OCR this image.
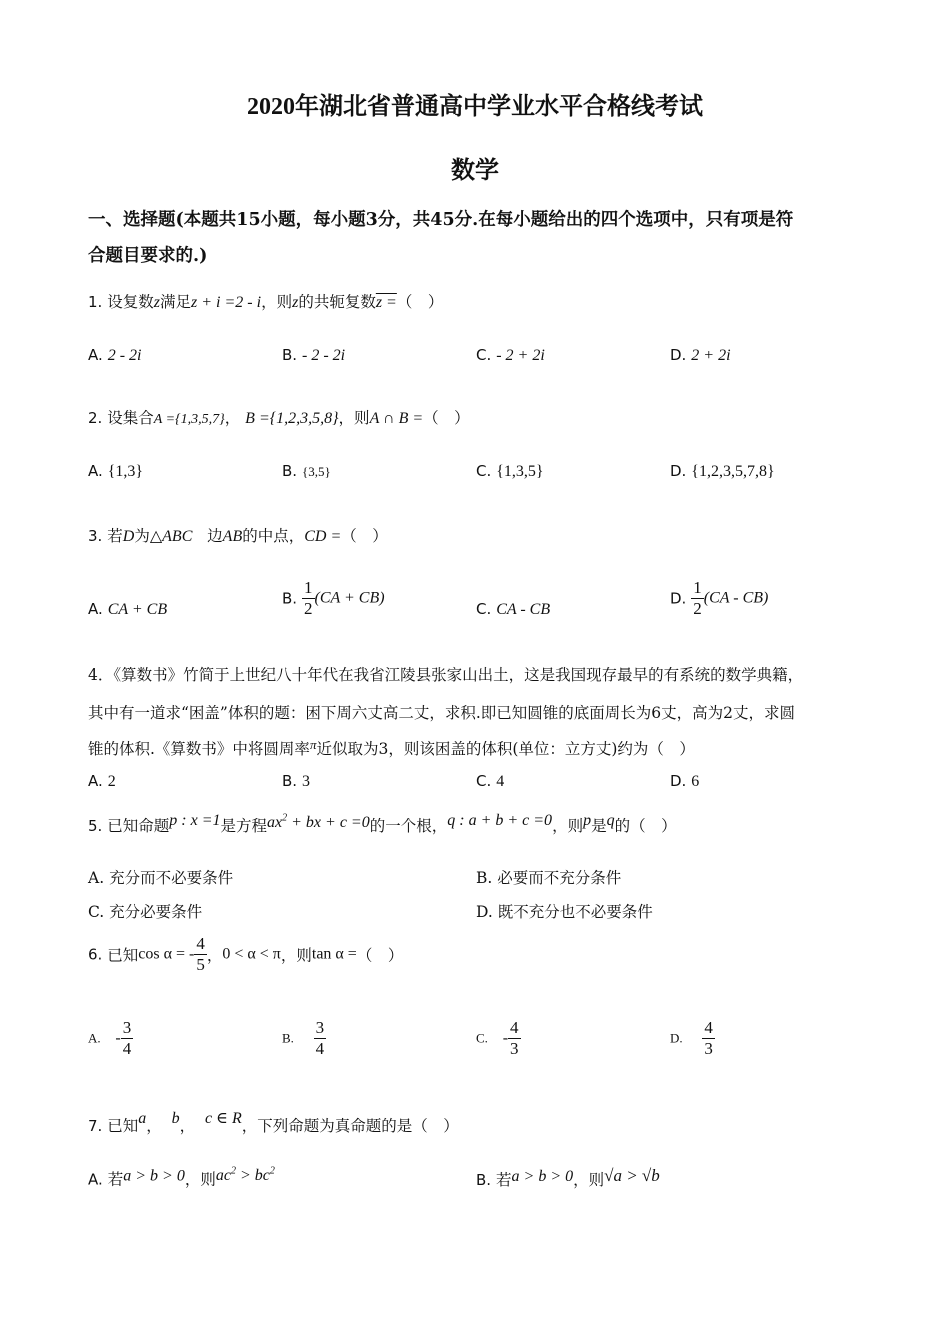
2020年湖北省普通高中学业水平合格线考试
数学
一、选择题(本题共15小题，每小题3分，共45分.在每小题给出的四个选项中，只有项是符
合题目要求的.)
1. 设复数z满足z + i =2 - i，则z的共轭复数z =（　）
A. 2 - 2i	B. - 2 - 2i	C. - 2 + 2i	D. 2 + 2i
2. 设集合A ={1,3,5,7}， B ={1,2,3,5,8}，则A ∩ B =（　）
A. {1,3}	B. {3,5}	C. {1,3,5}	D. {1,2,3,5,7,8}
3. 若D为△ABC 边AB的中点，CD =（　）
A. CA + CB
B. $\frac{1}{2} (CA + CB)$
C. CA - CB
D. $\frac{1}{2} (CA - CB)$
4．《算数书》竹简于上世纪八十年代在我省江陵县张家山出土，这是我国现存最早的有系统的数学典籍，
其中有一道求“困盖”体积的题：困下周六丈高二丈，求积.即已知圆锥的底面周长为6丈，高为2丈，求圆
锥的体积.《算数书》中将圆周率$^\pi$近似取为3，则该困盖的体积(单位：立方丈)约为（　）
A. 2	B. 3	C. 4	D. 6
5. 已知命题p : x =1是方程$ax^2$ + bx + c =0的一个根，q : a + b + c =0，则p是q的（　）
A. 充分而不必要条件	B. 必要而不充分条件
C. 充分必要条件	D. 既不充分也不必要条件
6. 已知cos α = - $\frac{4}{5}$ ，0 < α < π，则tan α =（　）
A. - $\frac{3}{4}$	B. $\frac{3}{4}$	C. - $\frac{4}{3}$	D. $\frac{4}{3}$
7. 已知a， b， c ∈ R，下列命题为真命题的是（　）
A. 若a > b > 0，则$ac^2 > bc^2$	B. 若a > b > 0，则√a > √b
